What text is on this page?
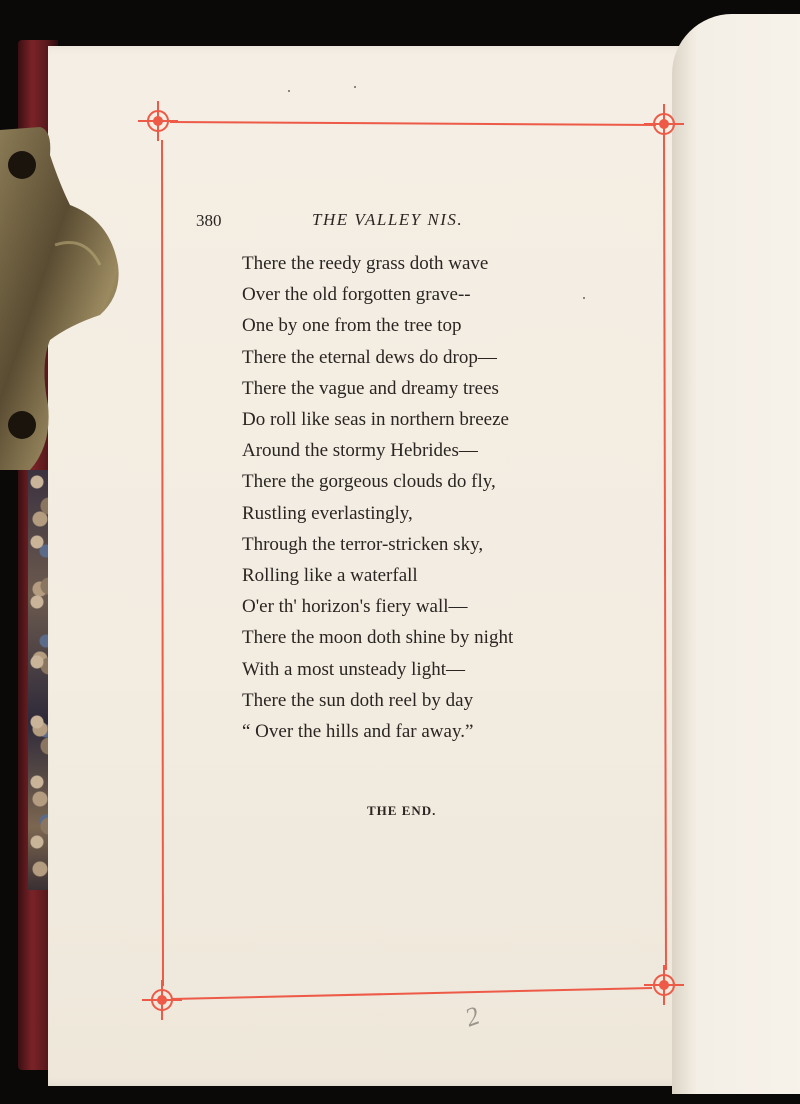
380	THE VALLEY NIS.
There the reedy grass doth wave
Over the old forgotten grave--
One by one from the tree top
There the eternal dews do drop—
There the vague and dreamy trees
Do roll like seas in northern breeze
Around the stormy Hebrides—
There the gorgeous clouds do fly,
Rustling everlastingly,
Through the terror-stricken sky,
Rolling like a waterfall
O'er th' horizon's fiery wall—
There the moon doth shine by night
With a most unsteady light—
There the sun doth reel by day
“ Over the hills and far away.”
THE END.
2
